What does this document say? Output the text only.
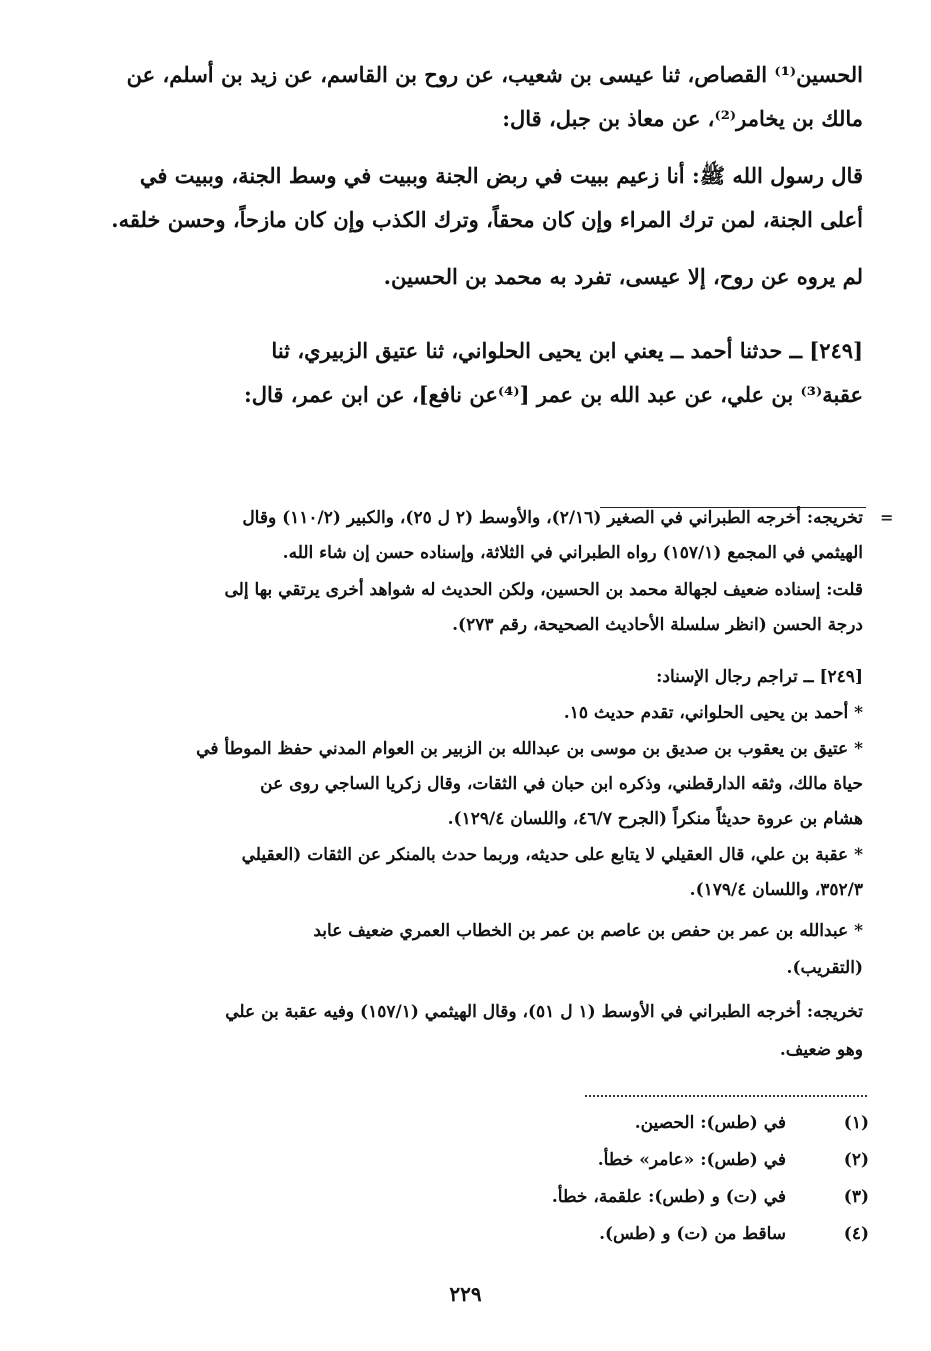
الحسين⁽¹⁾ القصاص، ثنا عيسى بن شعيب، عن روح بن القاسم، عن زيد بن أسلم، عن
مالك بن يخامر⁽²⁾، عن معاذ بن جبل، قال:
قال رسول الله ﷺ: أنا زعيم ببيت في ربض الجنة وببيت في وسط الجنة، وببيت في
أعلى الجنة، لمن ترك المراء وإن كان محقاً، وترك الكذب وإن كان مازحاً، وحسن خلقه.
لم يروه عن روح، إلا عيسى، تفرد به محمد بن الحسين.
[٢٤٩] ــ حدثنا أحمد ــ يعني ابن يحيى الحلواني، ثنا عتيق الزبيري، ثنا
عقبة⁽³⁾ بن علي، عن عبد الله بن عمر [⁽⁴⁾عن نافع]، عن ابن عمر، قال:
=
تخريجه: أخرجه الطبراني في الصغير (٢/١٦)، والأوسط (٢ ل ٢٥)، والكبير (١١٠/٢) وقال
الهيثمي في المجمع (١٥٧/١) رواه الطبراني في الثلاثة، وإسناده حسن إن شاء الله.
قلت: إسناده ضعيف لجهالة محمد بن الحسين، ولكن الحديث له شواهد أخرى يرتقي بها إلى
درجة الحسن (انظر سلسلة الأحاديث الصحيحة، رقم ٢٧٣).
[٢٤٩] ــ تراجم رجال الإسناد:
* أحمد بن يحيى الحلواني، تقدم حديث ١٥.
* عتيق بن يعقوب بن صديق بن موسى بن عبدالله بن الزبير بن العوام المدني حفظ الموطأ في
حياة مالك، وثقه الدارقطني، وذكره ابن حبان في الثقات، وقال زكريا الساجي روى عن
هشام بن عروة حديثاً منكراً (الجرح ٤٦/٧، واللسان ١٢٩/٤).
* عقبة بن علي، قال العقيلي لا يتابع على حديثه، وربما حدث بالمنكر عن الثقات (العقيلي
٣٥٢/٣، واللسان ١٧٩/٤).
* عبدالله بن عمر بن حفص بن عاصم بن عمر بن الخطاب العمري ضعيف عابد
(التقريب).
تخريجه: أخرجه الطبراني في الأوسط (١ ل ٥١)، وقال الهيثمي (١٥٧/١) وفيه عقبة بن علي
وهو ضعيف.
(١)
في (طس): الحصين.
(٢)
في (طس): «عامر» خطأ.
(٣)
في (ت) و (طس): علقمة، خطأ.
(٤)
ساقط من (ت) و (طس).
٢٢٩
